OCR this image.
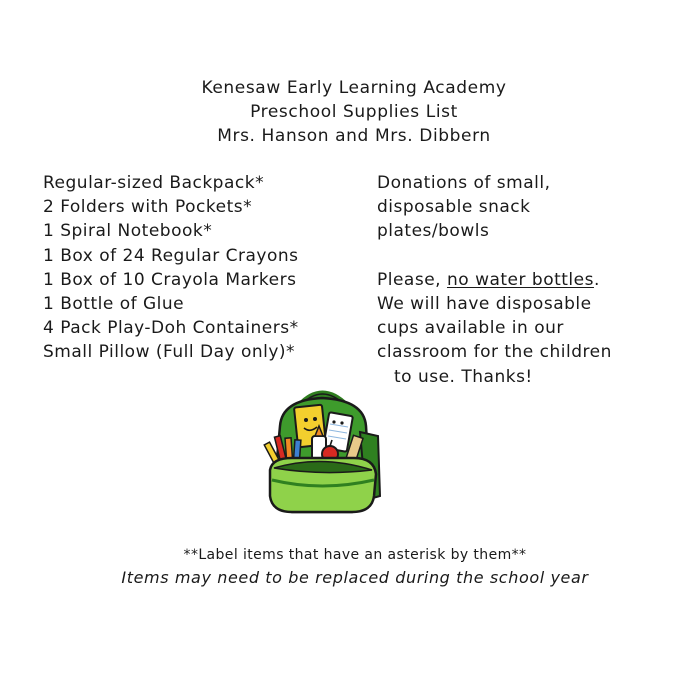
Kenesaw Early Learning Academy
Preschool Supplies List
Mrs. Hanson and Mrs. Dibbern
Regular-sized Backpack*
2 Folders with Pockets*
1 Spiral Notebook*
1 Box of 24 Regular Crayons
1 Box of 10 Crayola Markers
1 Bottle of Glue
4 Pack Play-Doh Containers*
Small Pillow (Full Day only)*
Donations of small,
disposable snack
plates/bowls
Please, no water bottles.
We will have disposable
cups available in our
classroom for the children
to use. Thanks!
**Label items that have an asterisk by them**
Items may need to be replaced during the school year
